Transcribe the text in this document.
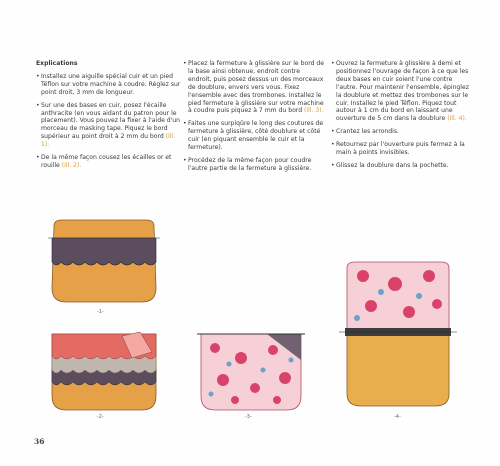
Explications

• Installez une aiguille spécial cuir et un pied Téflon sur votre machine à coudre. Réglez sur point droit, 3 mm de longueur.
• Sur une des bases en cuir, posez l'écaille anthracite (en vous aidant du patron pour le placement). Vous pouvez la fixer à l'aide d'un morceau de masking tape. Piquez le bord supérieur au point droit à 2 mm du bord (ill. 1).
• De la même façon cousez les écailles or et rouille (ill. 2).
• Placez la fermeture à glissière sur le bord de la base ainsi obtenue, endroit contre endroit, puis posez dessus un des morceaux de doublure, envers vers vous. Fixez l'ensemble avec des trombones. Installez le pied fermeture à glissière sur votre machine à coudre puis piquez à 7 mm du bord (ill. 3).
• Faites une surpiqûre le long des coutures de fermeture à glissière, côté doublure et côté cuir (en piquant ensemble le cuir et la fermeture).
• Procédez de la même façon pour coudre l'autre partie de la fermeture à glissière.
• Ouvrez la fermeture à glissière à demi et positionnez l'ouvrage de façon à ce que les deux bases en cuir soient l'une contre l'autre. Pour maintenir l'ensemble, épinglez la doublure et mettez des trombones sur le cuir. Installez le pied Téflon. Piquez tout autour à 1 cm du bord en laissant une ouverture de 5 cm dans la doublure (ill. 4).
• Crantez les arrondis.
• Retournez par l'ouverture puis fermez à la main à points invisibles.
• Glissez la doublure dans la pochette.
-1-
-2-	-3-	-4-
36
